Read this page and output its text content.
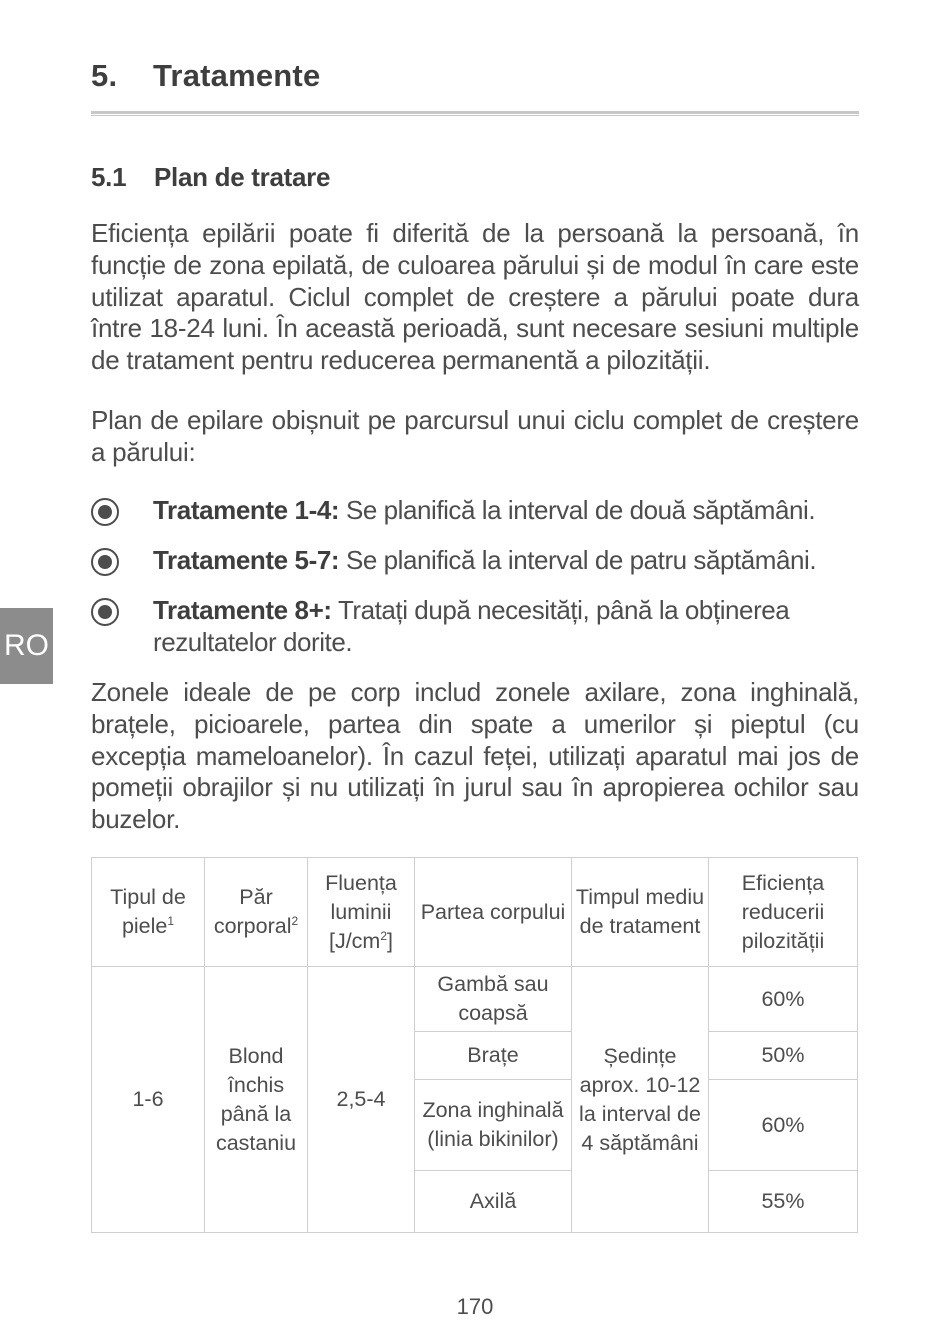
5. Tratamente
5.1 Plan de tratare
Eficiența epilării poate fi diferită de la persoană la persoană, în funcție de zona epilată, de culoarea părului și de modul în care este utilizat aparatul. Ciclul complet de creștere a părului poate dura între 18-24 luni. În această perioadă, sunt necesare sesiuni multiple de tratament pentru reducerea permanentă a pilozității.
Plan de epilare obișnuit pe parcursul unui ciclu complet de creștere a părului:
Tratamente 1-4: Se planifică la interval de două săptămâni.
Tratamente 5-7: Se planifică la interval de patru săptămâni.
Tratamente 8+: Tratați după necesități, până la obținerea rezultatelor dorite.
RO
Zonele ideale de pe corp includ zonele axilare, zona inghinală, brațele, picioarele, partea din spate a umerilor și pieptul (cu excepția mameloanelor). În cazul feței, utilizați aparatul mai jos de pomeții obrajilor și nu utilizați în jurul sau în apropierea ochilor sau buzelor.
Tipul de piele$^1$	Păr corporal$^2$	Fluența luminii $[J/cm^2]$	Partea corpului	Timpul mediu de tratament	Eficiența reducerii pilozității
1-6	Blond închis până la castaniu	2,5-4	Gambă sau coapsă	Ședințe aprox. 10-12 la interval de 4 săptămâni	60%
			Brațe		50%
			Zona inghinală (linia bikinilor)		60%
			Axilă		55%
170
